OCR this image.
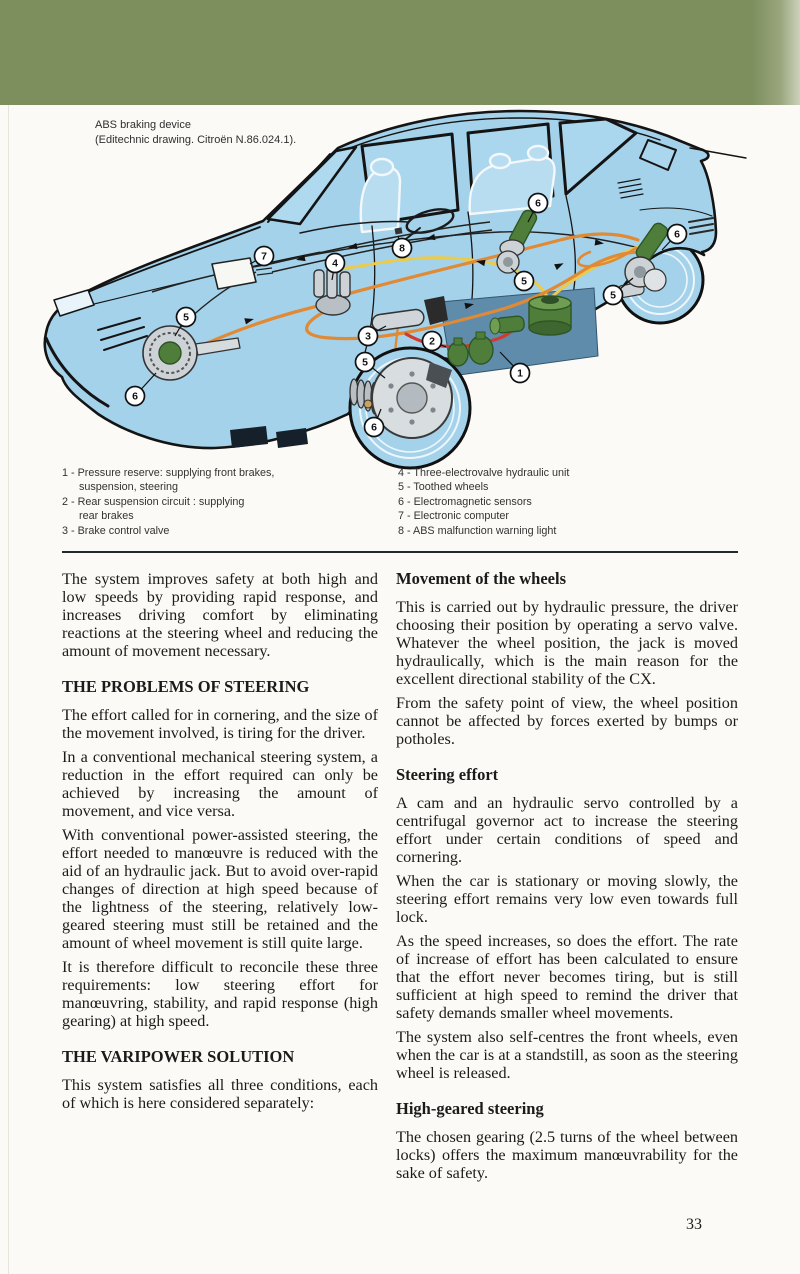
ABS braking device
(Editechnic drawing. Citroën N.86.024.1).
1
2
3
4
5
5
5
5
6
6
6
6
7
8
1 - Pressure reserve: supplying front brakes,
suspension, steering
2 - Rear suspension circuit : supplying
rear brakes
3 - Brake control valve
4 - Three-electrovalve hydraulic unit
5 - Toothed wheels
6 - Electromagnetic sensors
7 - Electronic computer
8 - ABS malfunction warning light

The system improves safety at both high and low speeds by providing rapid response, and increases driving comfort by eliminating reactions at the steering wheel and reducing the amount of movement necessary.

THE PROBLEMS OF STEERING

The effort called for in cornering, and the size of the movement involved, is tiring for the driver.

In a conventional mechanical steering system, a reduction in the effort required can only be achieved by increasing the amount of movement, and vice versa.

With conventional power-assisted steering, the effort needed to manœuvre is reduced with the aid of an hydraulic jack. But to avoid over-rapid changes of direction at high speed because of the lightness of the steering, relatively low-geared steering must still be retained and the amount of wheel movement is still quite large.

It is therefore difficult to reconcile these three requirements: low steering effort for manœuvring, stability, and rapid response (high gearing) at high speed.

THE VARIPOWER SOLUTION

This system satisfies all three conditions, each of which is here considered separately:

Movement of the wheels

This is carried out by hydraulic pressure, the driver choosing their position by operating a servo valve. Whatever the wheel position, the jack is moved hydraulically, which is the main reason for the excellent directional stability of the CX.

From the safety point of view, the wheel position cannot be affected by forces exerted by bumps or potholes.

Steering effort

A cam and an hydraulic servo controlled by a centrifugal governor act to increase the steering effort under certain conditions of speed and cornering.

When the car is stationary or moving slowly, the steering effort remains very low even towards full lock.

As the speed increases, so does the effort. The rate of increase of effort has been calculated to ensure that the effort never becomes tiring, but is still sufficient at high speed to remind the driver that safety demands smaller wheel movements.

The system also self-centres the front wheels, even when the car is at a standstill, as soon as the steering wheel is released.

High-geared steering

The chosen gearing (2.5 turns of the wheel between locks) offers the maximum manœuvrability for the sake of safety.

33
